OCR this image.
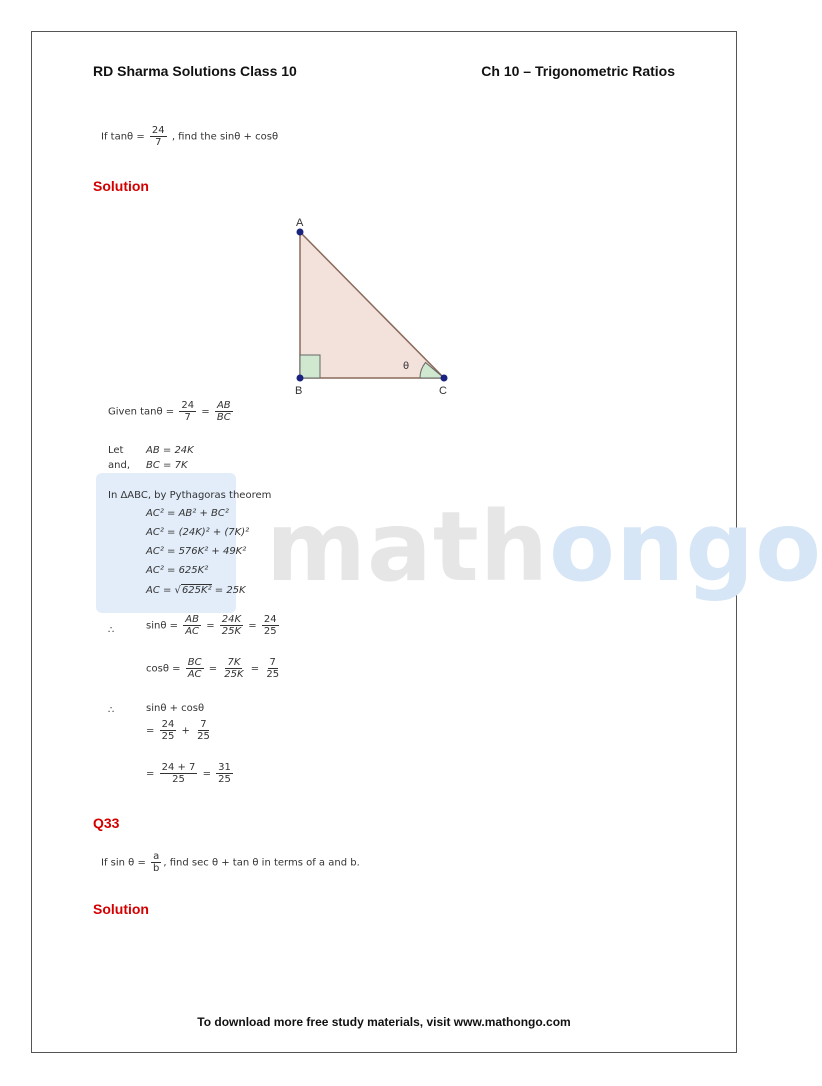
RD Sharma Solutions Class 10	Ch 10 – Trigonometric Ratios
mathongo
If $\tan\theta = \frac{24}{7}$ , find the sinθ + cosθ
Solution
A
B	C
θ
Given $\tan\theta = \frac{24}{7} = \frac{AB}{BC}$
Let AB = 24K
and, BC = 7K
In ΔABC, by Pythagoras theorem
AC² = AB² + BC²
AC² = (24K)² + (7K)²
AC² = 576K² + 49K²
AC² = 625K²
AC = √625K² = 25K
∴	$\sin\theta = \frac{AB}{AC} = \frac{24K}{25K} = \frac{24}{25}$
$\cos\theta = \frac{BC}{AC} = \frac{7K}{25K} = \frac{7}{25}$
∴	sinθ + cosθ
= $\frac{24}{25} + \frac{7}{25}$
= $\frac{24 + 7}{25} = \frac{31}{25}$
Q33
If $\sin \theta = \frac{a}{b}$ , find sec θ + tan θ in terms of a and b.
Solution
To download more free study materials, visit www.mathongo.com
